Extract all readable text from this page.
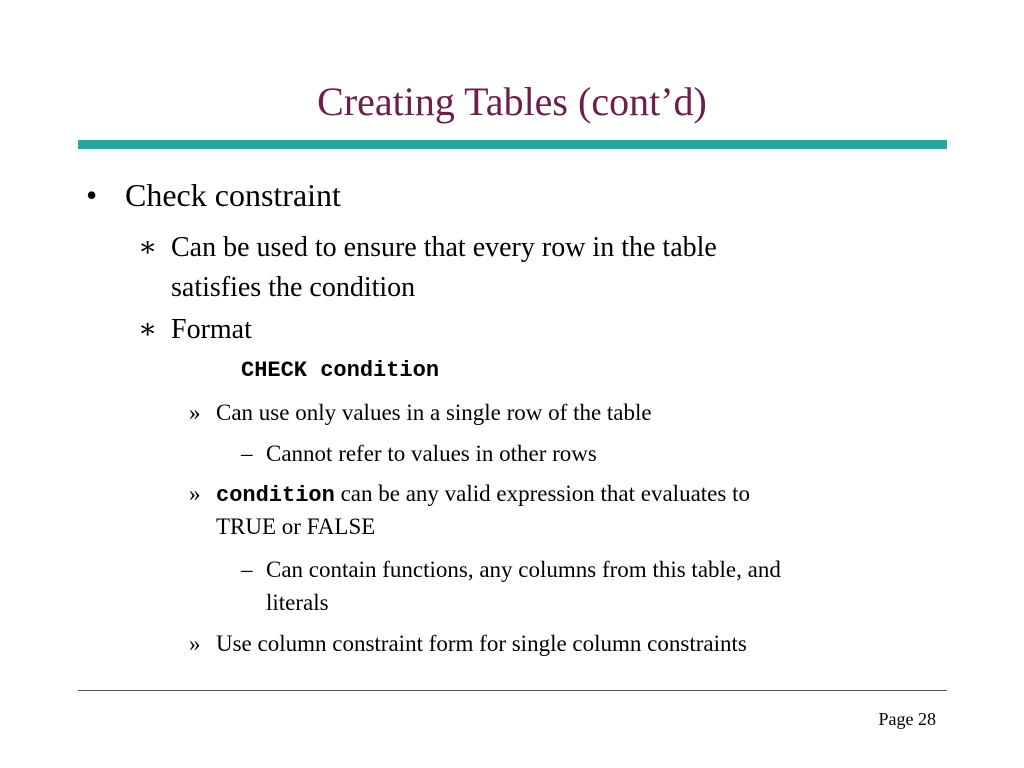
Creating Tables (cont’d)
• Check constraint
∗ Can be used to ensure that every row in the table
satisfies the condition
∗ Format
CHECK condition
» Can use only values in a single row of the table
– Cannot refer to values in other rows
» condition can be any valid expression that evaluates to
TRUE or FALSE
– Can contain functions, any columns from this table, and
literals
» Use column constraint form for single column constraints
Page 28
